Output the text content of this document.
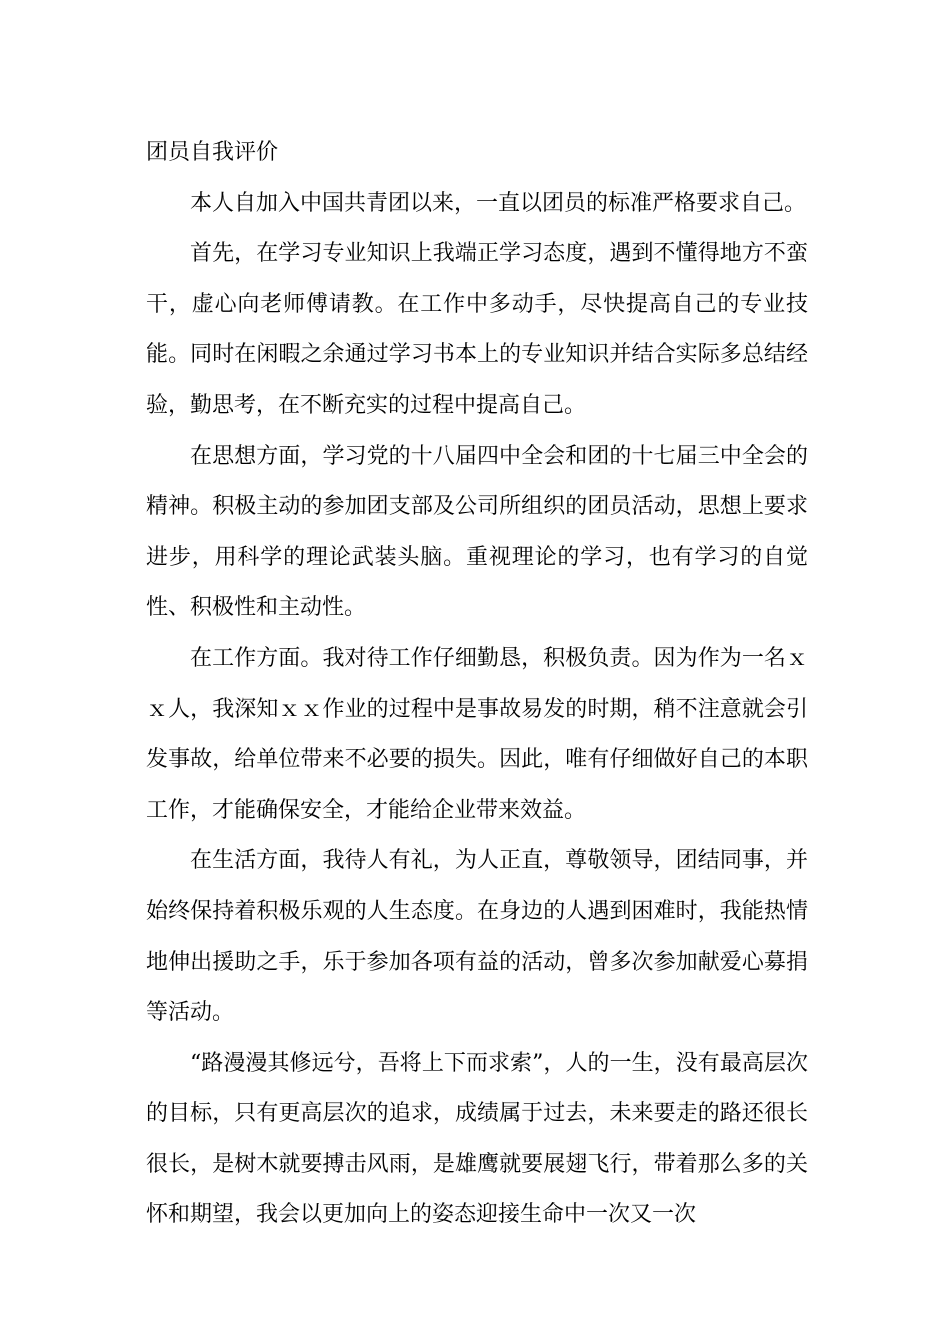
团员自我评价

本人自加入中国共青团以来，一直以团员的标准严格要求自己。

首先，在学习专业知识上我端正学习态度，遇到不懂得地方不蛮干，虚心向老师傅请教。在工作中多动手，尽快提高自己的专业技能。同时在闲暇之余通过学习书本上的专业知识并结合实际多总结经验，勤思考，在不断充实的过程中提高自己。

在思想方面，学习党的十八届四中全会和团的十七届三中全会的精神。积极主动的参加团支部及公司所组织的团员活动，思想上要求进步，用科学的理论武装头脑。重视理论的学习，也有学习的自觉性、积极性和主动性。

在工作方面。我对待工作仔细勤恳，积极负责。因为作为一名ｘｘ人，我深知ｘｘ作业的过程中是事故易发的时期，稍不注意就会引发事故，给单位带来不必要的损失。因此，唯有仔细做好自己的本职工作，才能确保安全，才能给企业带来效益。

在生活方面，我待人有礼，为人正直，尊敬领导，团结同事，并始终保持着积极乐观的人生态度。在身边的人遇到困难时，我能热情地伸出援助之手，乐于参加各项有益的活动，曾多次参加献爱心募捐等活动。

“路漫漫其修远兮，吾将上下而求索”，人的一生，没有最高层次的目标，只有更高层次的追求，成绩属于过去，未来要走的路还很长很长，是树木就要搏击风雨，是雄鹰就要展翅飞行，带着那么多的关怀和期望，我会以更加向上的姿态迎接生命中一次又一次
